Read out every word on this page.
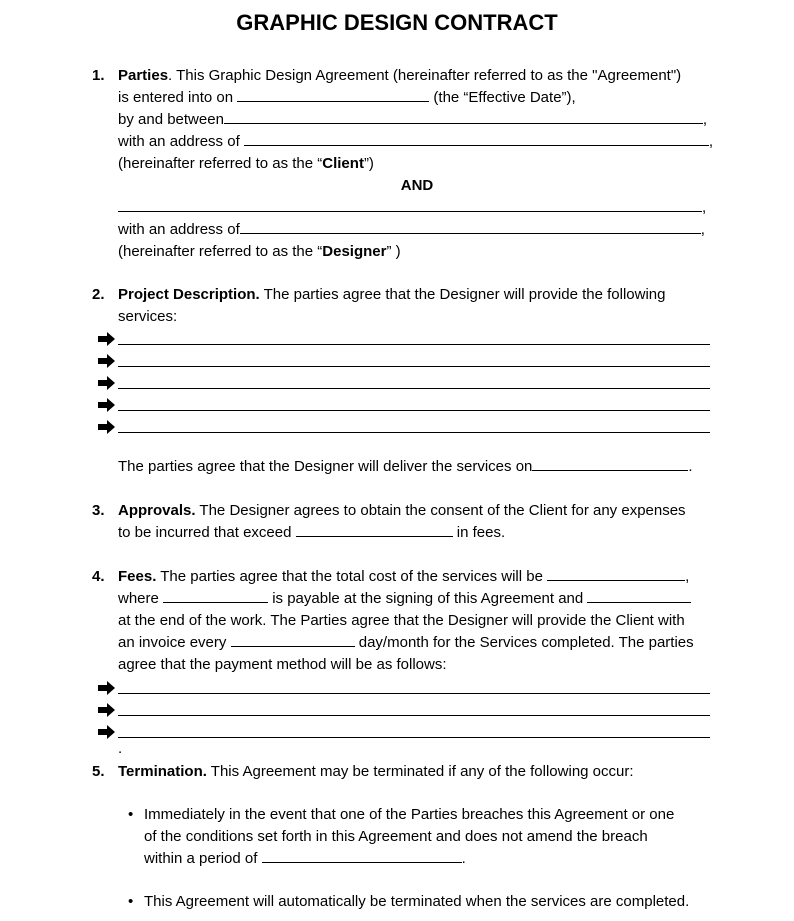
GRAPHIC DESIGN CONTRACT
1. Parties. This Graphic Design Agreement (hereinafter referred to as the "Agreement")
is entered into on	(the “Effective Date”),
by and between	,
with an address of	,
(hereinafter referred to as the “Client”)
AND
,
with an address of	,
(hereinafter referred to as the “Designer” )
2. Project Description. The parties agree that the Designer will provide the following
services:
The parties agree that the Designer will deliver the services on	.
3. Approvals. The Designer agrees to obtain the consent of the Client for any expenses
to be incurred that exceed	in fees.
4. Fees. The parties agree that the total cost of the services will be	,
where	is payable at the signing of this Agreement and
at the end of the work. The Parties agree that the Designer will provide the Client with
an invoice every	day/month for the Services completed. The parties
agree that the payment method will be as follows:
.
5. Termination. This Agreement may be terminated if any of the following occur:
• Immediately in the event that one of the Parties breaches this Agreement or one
of the conditions set forth in this Agreement and does not amend the breach
within a period of	.
• This Agreement will automatically be terminated when the services are completed.
